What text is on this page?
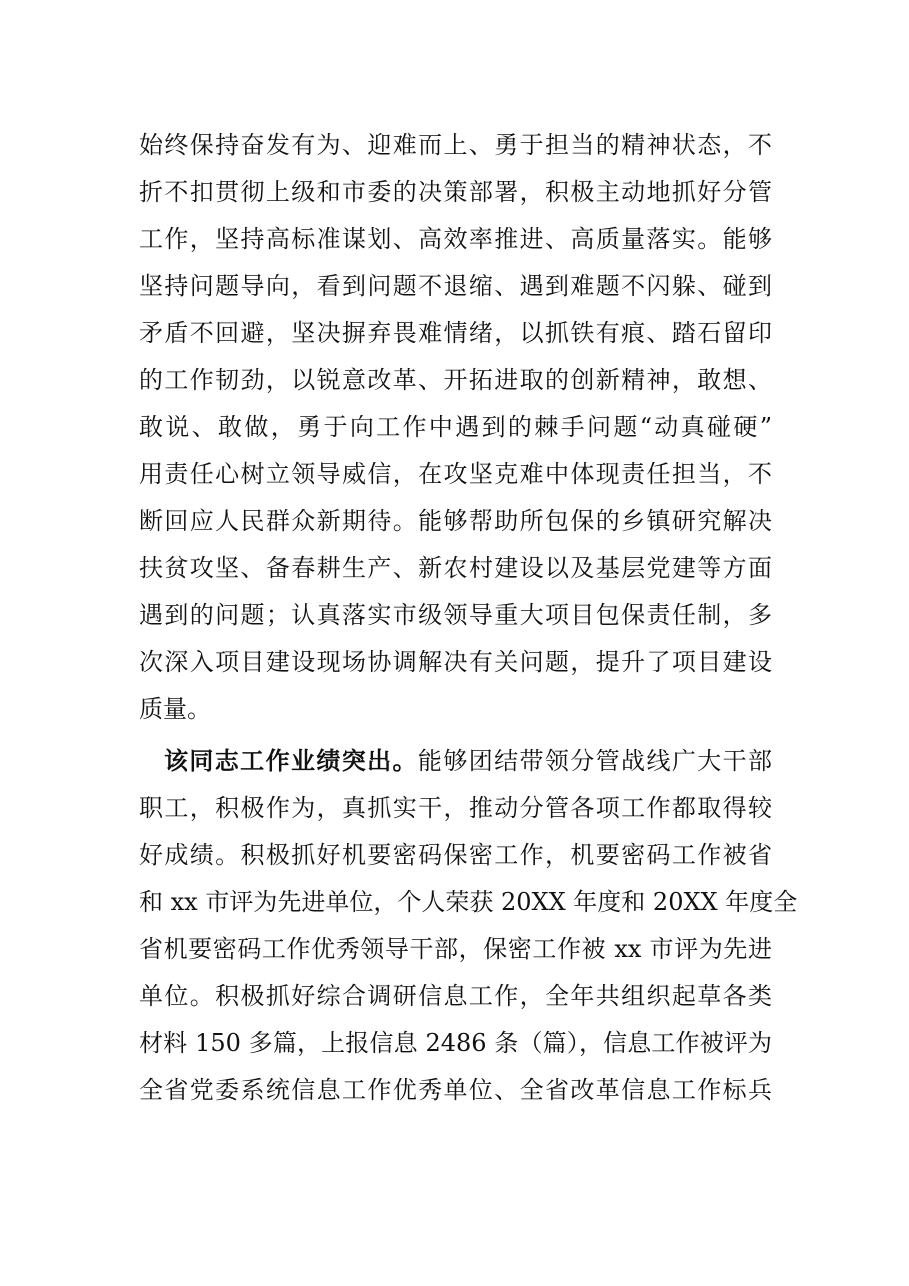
始终保持奋发有为、迎难而上、勇于担当的精神状态，不
折不扣贯彻上级和市委的决策部署，积极主动地抓好分管
工作，坚持高标准谋划、高效率推进、高质量落实。能够
坚持问题导向，看到问题不退缩、遇到难题不闪躲、碰到
矛盾不回避，坚决摒弃畏难情绪，以抓铁有痕、踏石留印
的工作韧劲，以锐意改革、开拓进取的创新精神，敢想、
敢说、敢做，勇于向工作中遇到的棘手问题“动真碰硬”
用责任心树立领导威信，在攻坚克难中体现责任担当，不
断回应人民群众新期待。能够帮助所包保的乡镇研究解决
扶贫攻坚、备春耕生产、新农村建设以及基层党建等方面
遇到的问题；认真落实市级领导重大项目包保责任制，多
次深入项目建设现场协调解决有关问题，提升了项目建设
质量。
该同志工作业绩突出。能够团结带领分管战线广大干部
职工，积极作为，真抓实干，推动分管各项工作都取得较
好成绩。积极抓好机要密码保密工作，机要密码工作被省
和 xx 市评为先进单位，个人荣获 20XX 年度和 20XX 年度全
省机要密码工作优秀领导干部，保密工作被 xx 市评为先进
单位。积极抓好综合调研信息工作，全年共组织起草各类
材料 150 多篇，上报信息 2486 条（篇），信息工作被评为
全省党委系统信息工作优秀单位、全省改革信息工作标兵
